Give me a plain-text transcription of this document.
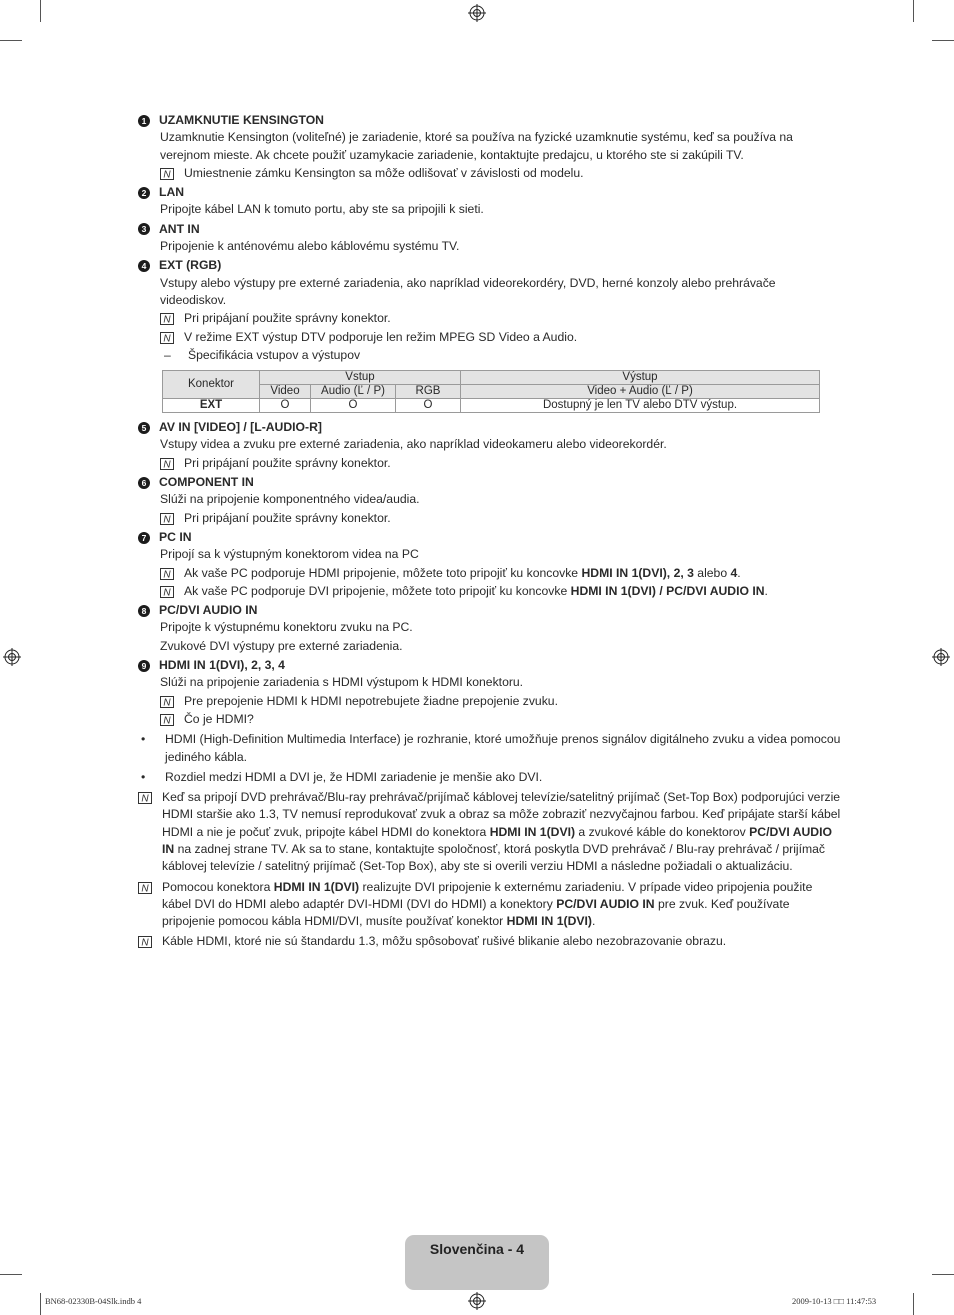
1 UZAMKNUTIE KENSINGTON

Uzamknutie Kensington (voliteľné) je zariadenie, ktoré sa používa na fyzické uzamknutie systému, keď sa používa na verejnom mieste. Ak chcete použiť uzamykacie zariadenie, kontaktujte predajcu, u ktorého ste si zakúpili TV.

N Umiestnenie zámku Kensington sa môže odlišovať v závislosti od modelu.
2 LAN

Pripojte kábel LAN k tomuto portu, aby ste sa pripojili k sieti.

3 ANT IN

Pripojenie k anténovému alebo káblovému systému TV.

4 EXT (RGB)

Vstupy alebo výstupy pre externé zariadenia, ako napríklad videorekordéry, DVD, herné konzoly alebo prehrávače videodiskov.

N Pri pripájaní použite správny konektor.
N V režime EXT výstup DTV podporuje len režim MPEG SD Video a Audio.
–	Špecifikácia vstupov a výstupov
Konektor	Vstup			Výstup
	Video	Audio (Ľ / P)	RGB	Video + Audio (Ľ / P)
EXT	O	O	O	Dostupný je len TV alebo DTV výstup.
5 AV IN [VIDEO] / [L-AUDIO-R]

Vstupy videa a zvuku pre externé zariadenia, ako napríklad videokameru alebo videorekordér.

N Pri pripájaní použite správny konektor.
6 COMPONENT IN

Slúži na pripojenie komponentného videa/audia.

N Pri pripájaní použite správny konektor.
7 PC IN

Pripojí sa k výstupným konektorom videa na PC

N Ak vaše PC podporuje HDMI pripojenie, môžete toto pripojiť ku koncovke HDMI IN 1(DVI), 2, 3 alebo 4.
N Ak vaše PC podporuje DVI pripojenie, môžete toto pripojiť ku koncovke HDMI IN 1(DVI) / PC/DVI AUDIO IN.
8 PC/DVI AUDIO IN

Pripojte k výstupnému konektoru zvuku na PC.

Zvukové DVI výstupy pre externé zariadenia.

9 HDMI IN 1(DVI), 2, 3, 4

Slúži na pripojenie zariadenia s HDMI výstupom k HDMI konektoru.

N Pre prepojenie HDMI k HDMI nepotrebujete žiadne prepojenie zvuku.
N Čo je HDMI?
•	HDMI (High-Definition Multimedia Interface) je rozhranie, ktoré umožňuje prenos signálov digitálneho zvuku a videa pomocou jediného kábla.
•	Rozdiel medzi HDMI a DVI je, že HDMI zariadenie je menšie ako DVI.
N Keď sa pripojí DVD prehrávač/Blu-ray prehrávač/prijímač káblovej televízie/satelitný prijímač (Set-Top Box) podporujúci verzie HDMI staršie ako 1.3, TV nemusí reprodukovať zvuk a obraz sa môže zobraziť nezvyčajnou farbou. Keď pripájate starší kábel HDMI a nie je počuť zvuk, pripojte kábel HDMI do konektora HDMI IN 1(DVI) a zvukové káble do konektorov PC/DVI AUDIO IN na zadnej strane TV. Ak sa to stane, kontaktujte spoločnosť, ktorá poskytla DVD prehrávač / Blu-ray prehrávač / prijímač káblovej televízie / satelitný prijímač (Set-Top Box), aby ste si overili verziu HDMI a následne požiadali o aktualizáciu.
N Pomocou konektora HDMI IN 1(DVI) realizujte DVI pripojenie k externému zariadeniu. V prípade video pripojenia použite kábel DVI do HDMI alebo adaptér DVI-HDMI (DVI do HDMI) a konektory PC/DVI AUDIO IN pre zvuk. Keď používate pripojenie pomocou kábla HDMI/DVI, musíte používať konektor HDMI IN 1(DVI).
N Káble HDMI, ktoré nie sú štandardu 1.3, môžu spôsobovať rušivé blikanie alebo nezobrazovanie obrazu.
Slovenčina - 4
BN68-02330B-04Slk.indb 4	2009-10-13 □□ 11:47:53
